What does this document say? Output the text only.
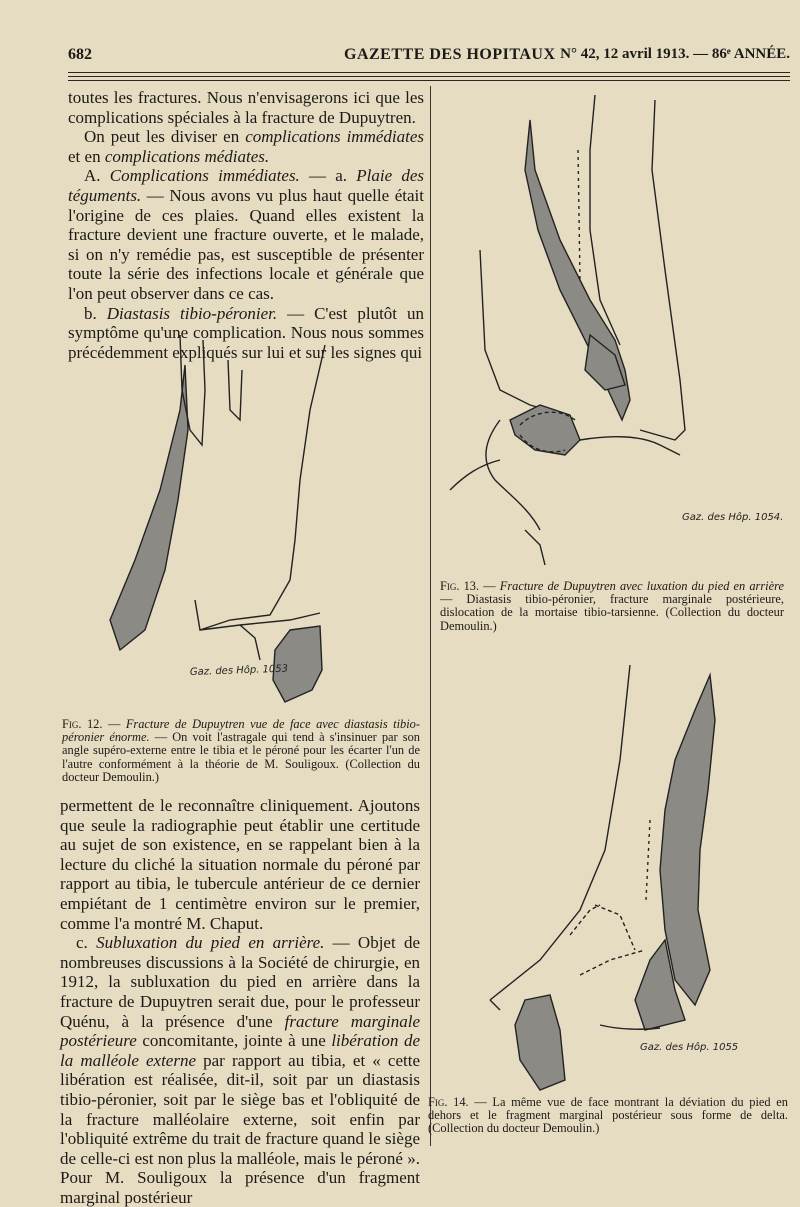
682	GAZETTE DES HOPITAUX N° 42, 12 avril 1913. — 86ᵉ ANNÉE.

toutes les fractures. Nous n'envisagerons ici que les complications spéciales à la fracture de Dupuytren.

On peut les diviser en complications immédiates et en complications médiates.

A. Complications immédiates. — a. Plaie des téguments. — Nous avons vu plus haut quelle était l'origine de ces plaies. Quand elles existent la fracture devient une fracture ouverte, et le malade, si on n'y remédie pas, est susceptible de présenter toute la série des infections locale et générale que l'on peut observer dans ce cas.

b. Diastasis tibio-péronier. — C'est plutôt un symptôme qu'une complication. Nous nous sommes précédemment expliqués sur lui et sur les signes qui

Gaz. des Hôp. 1053
Fig. 12. — Fracture de Dupuytren vue de face avec diastasis tibio-péronier énorme. — On voit l'astragale qui tend à s'insinuer par son angle supéro-externe entre le tibia et le péroné pour les écarter l'un de l'autre conformément à la théorie de M. Souligoux. (Collection du docteur Demoulin.)

permettent de le reconnaître cliniquement. Ajoutons que seule la radiographie peut établir une certitude au sujet de son existence, en se rappelant bien à la lecture du cliché la situation normale du péroné par rapport au tibia, le tubercule antérieur de ce dernier empiétant de 1 centimètre environ sur le premier, comme l'a montré M. Chaput.

c. Subluxation du pied en arrière. — Objet de nombreuses discussions à la Société de chirurgie, en 1912, la subluxation du pied en arrière dans la fracture de Dupuytren serait due, pour le professeur Quénu, à la présence d'une fracture marginale postérieure concomitante, jointe à une libération de la malléole externe par rapport au tibia, et « cette libération est réalisée, dit-il, soit par un diastasis tibio-péronier, soit par le siège bas et l'obliquité de la fracture malléolaire externe, soit enfin par l'obliquité extrême du trait de fracture quand le siège de celle-ci est non plus la malléole, mais le péroné ». Pour M. Souligoux la présence d'un fragment marginal postérieur

Gaz. des Hôp. 1054.
Fig. 13. — Fracture de Dupuytren avec luxation du pied en arrière — Diastasis tibio-péronier, fracture marginale postérieure, dislocation de la mortaise tibio-tarsienne. (Collection du docteur Demoulin.)
Gaz. des Hôp. 1055
Fig. 14. — La même vue de face montrant la déviation du pied en dehors et le fragment marginal postérieur sous forme de delta. (Collection du docteur Demoulin.)
